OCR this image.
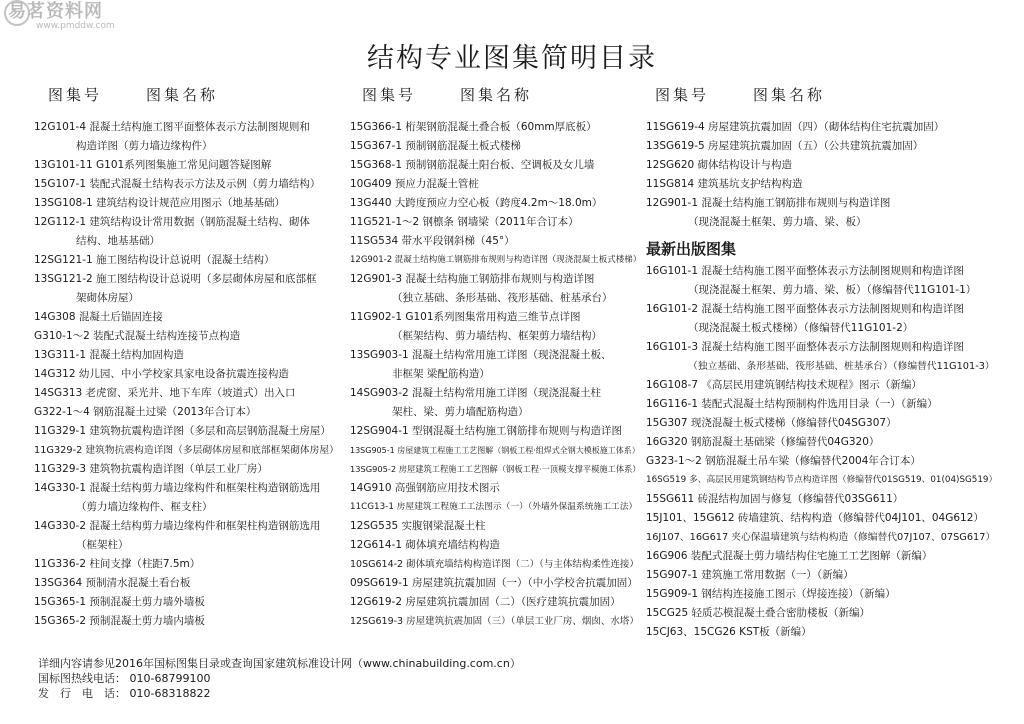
易茗资料网
www.pmddw.com
结构专业图集简明目录
图集号	图集名称	图集号	图集名称	图集号	图集名称
12G101-4 混凝土结构施工图平面整体表示方法制图规则和
构造详图（剪力墙边缘构件）
13G101-11 G101系列图集施工常见问题答疑图解
15G107-1 装配式混凝土结构表示方法及示例（剪力墙结构）
13SG108-1 建筑结构设计规范应用图示（地基基础）
12G112-1 建筑结构设计常用数据（钢筋混凝土结构、砌体
结构、地基基础）
12SG121-1 施工图结构设计总说明（混凝土结构）
13SG121-2 施工图结构设计总说明（多层砌体房屋和底部框
架砌体房屋）
14G308 混凝土后锚固连接
G310-1～2 装配式混凝土结构连接节点构造
13G311-1 混凝土结构加固构造
14G312 幼儿园、中小学校家具家电设备抗震连接构造
14SG313 老虎窗、采光井、地下车库（坡道式）出入口
G322-1～4 钢筋混凝土过梁（2013年合订本）
11G329-1 建筑物抗震构造详图（多层和高层钢筋混凝土房屋）
11G329-2 建筑物抗震构造详图（多层砌体房屋和底部框架砌体房屋）
11G329-3 建筑物抗震构造详图（单层工业厂房）
14G330-1 混凝土结构剪力墙边缘构件和框架柱构造钢筋选用
（剪力墙边缘构件、框支柱）
14G330-2 混凝土结构剪力墙边缘构件和框架柱构造钢筋选用
（框架柱）
11G336-2 柱间支撑（柱距7.5m）
13SG364 预制清水混凝土看台板
15G365-1 预制混凝土剪力墙外墙板
15G365-2 预制混凝土剪力墙内墙板
15G366-1 桁架钢筋混凝土叠合板（60mm厚底板）
15G367-1 预制钢筋混凝土板式楼梯
15G368-1 预制钢筋混凝土阳台板、空调板及女儿墙
10G409 预应力混凝土管桩
13G440 大跨度预应力空心板（跨度4.2m～18.0m）
11G521-1～2 钢檩条 钢墙梁（2011年合订本）
11SG534 带水平段钢斜梯（45°）
12G901-2 混凝土结构施工钢筋排布规则与构造详图（现浇混凝土板式楼梯）
12G901-3 混凝土结构施工钢筋排布规则与构造详图
（独立基础、条形基础、筏形基础、桩基承台）
11G902-1 G101系列图集常用构造三维节点详图
（框架结构、剪力墙结构、框架剪力墙结构）
13SG903-1 混凝土结构常用施工详图（现浇混凝土板、
非框架 梁配筋构造）
14SG903-2 混凝土结构常用施工详图（现浇混凝土柱
架柱、梁、剪力墙配筋构造）
12SG904-1 型钢混凝土结构施工钢筋排布规则与构造详图
13SG905-1 房屋建筑工程施工工艺图解（钢板工程·组焊式全钢大模板施工体系）
13SG905-2 房屋建筑工程施工工艺图解（钢板工程·一顶模支撑平模施工体系）
14G910 高强钢筋应用技术图示
11CG13-1 房屋建筑工程施工工法图示（一）（外墙外保温系统施工工法）
12SG535 实腹钢梁混凝土柱
12G614-1 砌体填充墙结构构造
10SG614-2 砌体填充墙结构构造详图（二）（与主体结构柔性连接）
09SG619-1 房屋建筑抗震加固（一）（中小学校舍抗震加固）
12G619-2 房屋建筑抗震加固（二）（医疗建筑抗震加固）
12SG619-3 房屋建筑抗震加固（三）（单层工业厂房、烟囱、水塔）
11SG619-4 房屋建筑抗震加固（四）（砌体结构住宅抗震加固）
13SG619-5 房屋建筑抗震加固（五）（公共建筑抗震加固）
12SG620 砌体结构设计与构造
11SG814 建筑基坑支护结构构造
12G901-1 混凝土结构施工钢筋排布规则与构造详图
（现浇混凝土框架、剪力墙、梁、板）
最新出版图集
16G101-1 混凝土结构施工图平面整体表示方法制图规则和构造详图
（现浇混凝土框架、剪力墙、梁、板）（修编替代11G101-1）
16G101-2 混凝土结构施工图平面整体表示方法制图规则和构造详图
（现浇混凝土板式楼梯）（修编替代11G101-2）
16G101-3 混凝土结构施工图平面整体表示方法制图规则和构造详图
（独立基础、条形基础、筏形基础、桩基承台）（修编替代11G101-3）
16G108-7 《高层民用建筑钢结构技术规程》图示（新编）
16G116-1 装配式混凝土结构预制构件选用目录（一）（新编）
15G307 现浇混凝土板式楼梯（修编替代04SG307）
16G320 钢筋混凝土基础梁（修编替代04G320）
G323-1～2 钢筋混凝土吊车梁（修编替代2004年合订本）
16SG519 多、高层民用建筑钢结构节点构造详图（修编替代01SG519、01(04)SG519）
15SG611 砖混结构加固与修复（修编替代03SG611）
15J101、15G612 砖墙建筑、结构构造（修编替代04J101、04G612）
16J107、16G617 夹心保温墙建筑与结构构造（修编替代07J107、07SG617）
16G906 装配式混凝土剪力墙结构住宅施工工艺图解（新编）
15G907-1 建筑施工常用数据（一）（新编）
15G909-1 钢结构连接施工图示（焊接连接）（新编）
15CG25 轻质芯模混凝土叠合密肋楼板（新编）
15CJ63、15CG26 KST板（新编）
详细内容请参见2016年国标图集目录或查询国家建筑标准设计网（www.chinabuilding.com.cn）
国标图热线电话： 010-68799100
发　行　电　话： 010-68318822
